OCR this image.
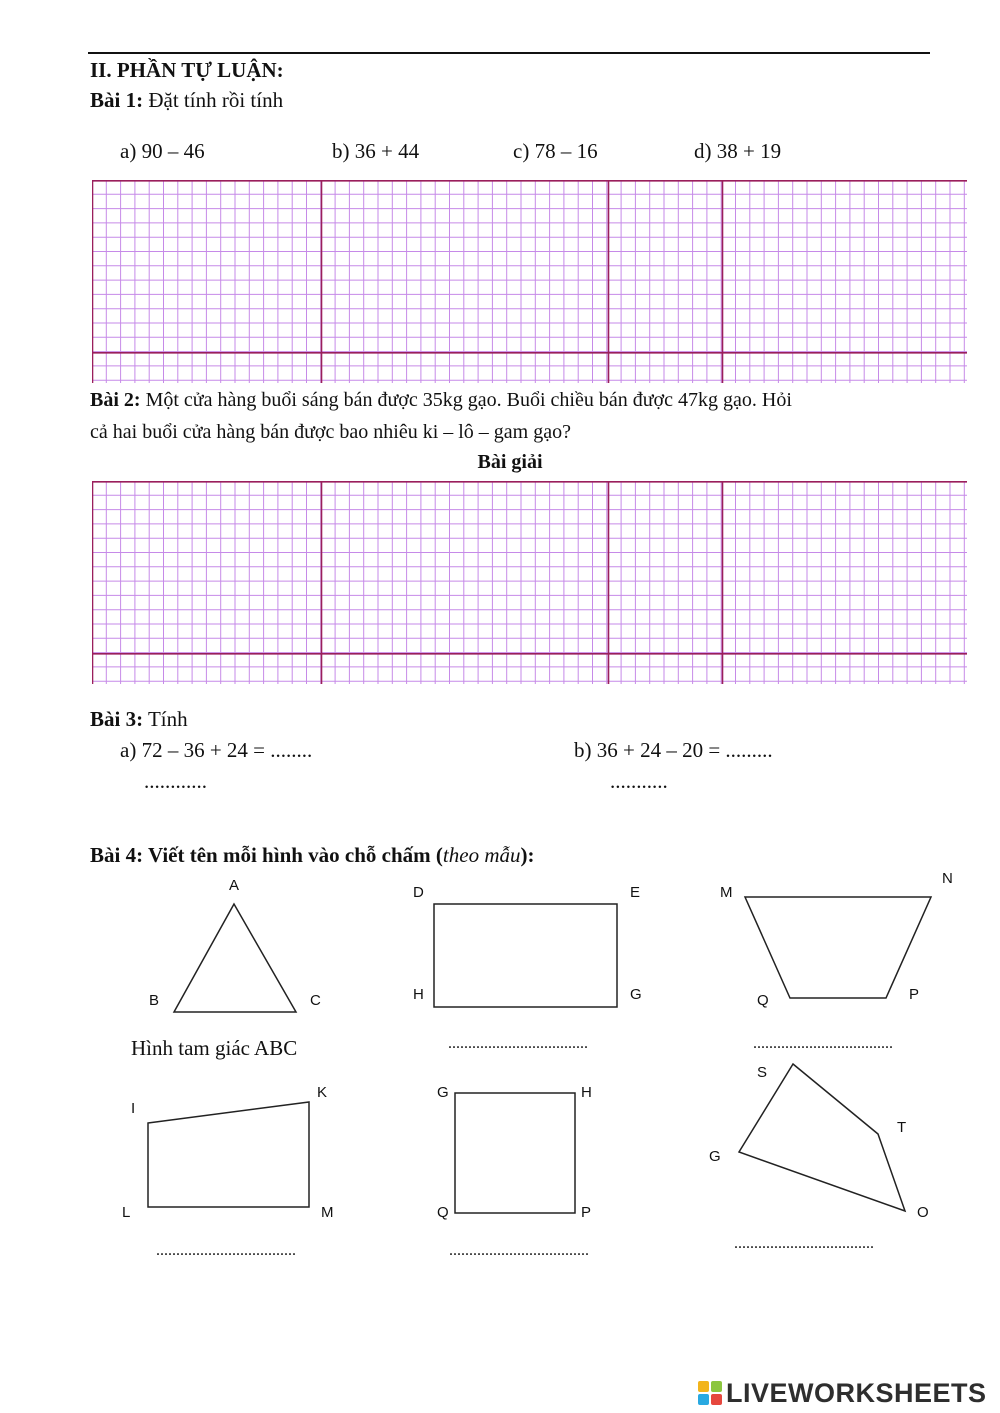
II. PHẦN TỰ LUẬN:
Bài 1: Đặt tính rồi tính
a) 90 – 46	b) 36 + 44	c) 78 – 16	d) 38 + 19
Bài 2: Một cửa hàng buổi sáng bán được 35kg gạo. Buổi chiều bán được 47kg gạo. Hỏi
cả hai buổi cửa hàng bán được bao nhiêu ki – lô – gam gạo?
Bài giải
Bài 3: Tính
a) 72 – 36 + 24 = ........	b) 36 + 24 – 20 = .........
............	...........
Bài 4: Viết tên mỗi hình vào chỗ chấm (theo mẫu):
A
B	C
D	E
H	G
M
N
Q	P
I
K
L	M
G	H
Q	P
S
T
G
O
Hình tam giác ABC	...................................	...................................
...................................	...................................	...................................
LIVEWORKSHEETS
